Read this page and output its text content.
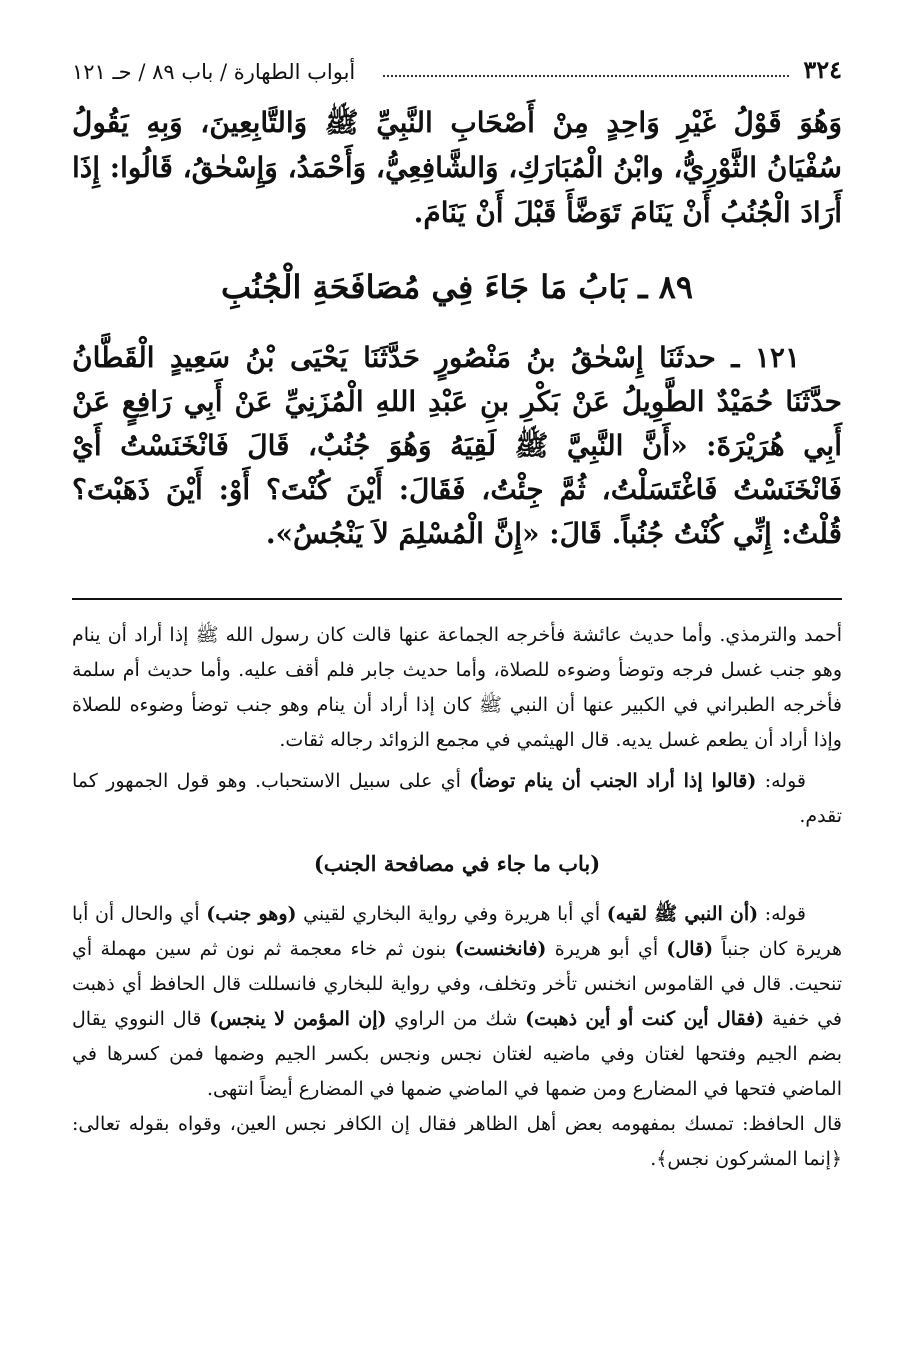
٣٢٤
أبواب الطهارة / باب ٨٩ / حـ ١٢١

وَهُوَ قَوْلُ غَيْرِ وَاحِدٍ مِنْ أَصْحَابِ النَّبِيِّ ﷺ وَالتَّابِعِينَ، وَبِهِ يَقُولُ سُفْيَانُ الثَّوْرِيُّ، وابْنُ الْمُبَارَكِ، وَالشَّافِعِيُّ، وَأَحْمَدُ، وَإِسْحٰقُ، قَالُوا: إِذَا أَرَادَ الْجُنُبُ أَنْ يَنَامَ تَوَضَّأَ قَبْلَ أَنْ يَنَامَ.

٨٩ ـ بَابُ مَا جَاءَ فِي مُصَافَحَةِ الْجُنُبِ

١٢١ ـ حدثَنَا إِسْحٰقُ بنُ مَنْصُورٍ حَدَّثَنَا يَحْيَى بْنُ سَعِيدٍ الْقَطَّانُ حدَّثَنَا حُمَيْدٌ الطَّوِيلُ عَنْ بَكْرِ بنِ عَبْدِ اللهِ الْمُزَنِيِّ عَنْ أَبِي رَافِعٍ عَنْ أَبِي هُرَيْرَةَ: «أَنَّ النَّبِيَّ ﷺ لَقِيَهُ وَهُوَ جُنُبٌ، قَالَ فَانْخَنَسْتُ أَيْ فَانْخَنَسْتُ فَاغْتَسَلْتُ، ثُمَّ جِئْتُ، فَقَالَ: أَيْنَ كُنْتَ؟ أَوْ: أَيْنَ ذَهَبْتَ؟ قُلْتُ: إِنِّي كُنْتُ جُنُباً. قَالَ: «إِنَّ الْمُسْلِمَ لاَ يَنْجُسُ».

أحمد والترمذي. وأما حديث عائشة فأخرجه الجماعة عنها قالت كان رسول الله ﷺ إذا أراد أن ينام وهو جنب غسل فرجه وتوضأ وضوءه للصلاة، وأما حديث جابر فلم أقف عليه. وأما حديث أم سلمة فأخرجه الطبراني في الكبير عنها أن النبي ﷺ كان إذا أراد أن ينام وهو جنب توضأ وضوءه للصلاة وإذا أراد أن يطعم غسل يديه. قال الهيثمي في مجمع الزوائد رجاله ثقات.

قوله: (قالوا إذا أراد الجنب أن ينام توضأ) أي على سبيل الاستحباب. وهو قول الجمهور كما تقدم.

(باب ما جاء في مصافحة الجنب)

قوله: (أن النبي ﷺ لقيه) أي أبا هريرة وفي رواية البخاري لقيني (وهو جنب) أي والحال أن أبا هريرة كان جنباً (قال) أي أبو هريرة (فانخنست) بنون ثم خاء معجمة ثم نون ثم سين مهملة أي تنحيت. قال في القاموس انخنس تأخر وتخلف، وفي رواية للبخاري فانسللت قال الحافظ أي ذهبت في خفية (فقال أين كنت أو أين ذهبت) شك من الراوي (إن المؤمن لا ينجس) قال النووي يقال بضم الجيم وفتحها لغتان وفي ماضيه لغتان نجس ونجس بكسر الجيم وضمها فمن كسرها في الماضي فتحها في المضارع ومن ضمها في الماضي ضمها في المضارع أيضاً انتهى.

قال الحافظ: تمسك بمفهومه بعض أهل الظاهر فقال إن الكافر نجس العين، وقواه بقوله تعالى: ﴿إنما المشركون نجس﴾.
